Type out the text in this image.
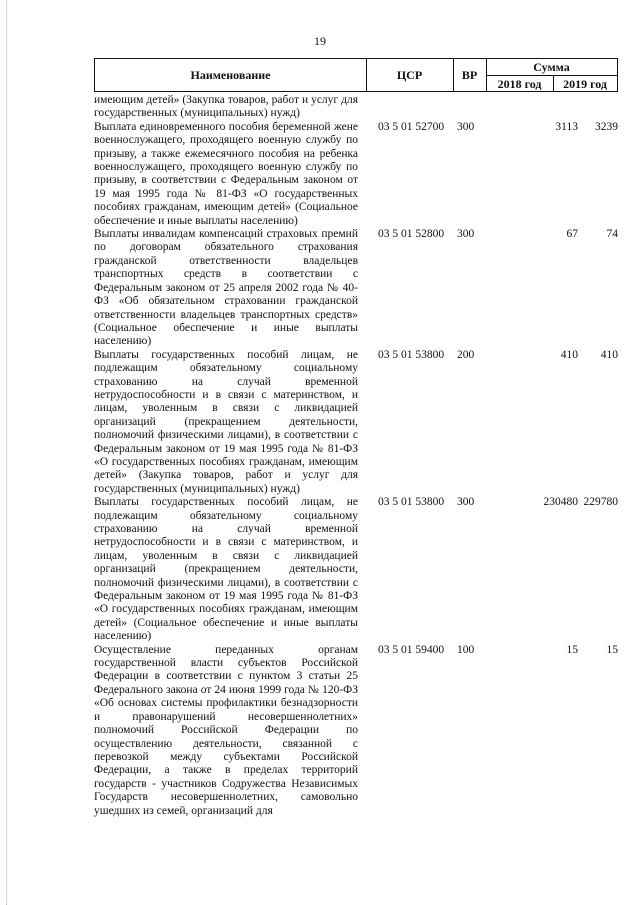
19
Наименование	ЦСР	ВР
Сумма
2018 год	2019 год
имеющим детей» (Закупка товаров, работ и услуг для государственных (муниципальных) нужд)
Выплата единовременного пособия беременной жене военнослужащего, проходящего военную службу по призыву, а также ежемесячного пособия на ребенка военнослужащего, проходящего военную службу по призыву, в соответствии с Федеральным законом от 19 мая 1995 года № 81-ФЗ «О государственных пособиях гражданам, имеющим детей» (Социальное обеспечение и иные выплаты населению)
03 5 01 52700 300	3113	3239
Выплаты инвалидам компенсаций страховых премий по договорам обязательного страхования гражданской ответственности владельцев транспортных средств в соответствии с Федеральным законом от 25 апреля 2002 года № 40-ФЗ «Об обязательном страховании гражданской ответственности владельцев транспортных средств» (Социальное обеспечение и иные выплаты населению)
03 5 01 52800 300	67	74
Выплаты государственных пособий лицам, не подлежащим обязательному социальному страхованию на случай временной нетрудоспособности и в связи с материнством, и лицам, уволенным в связи с ликвидацией организаций (прекращением деятельности, полномочий физическими лицами), в соответствии с Федеральным законом от 19 мая 1995 года № 81-ФЗ «О государственных пособиях гражданам, имеющим детей» (Закупка товаров, работ и услуг для государственных (муниципальных) нужд)
03 5 01 53800 200	410	410
Выплаты государственных пособий лицам, не подлежащим обязательному социальному страхованию на случай временной нетрудоспособности и в связи с материнством, и лицам, уволенным в связи с ликвидацией организаций (прекращением деятельности, полномочий физическими лицами), в соответствии с Федеральным законом от 19 мая 1995 года № 81-ФЗ «О государственных пособиях гражданам, имеющим детей» (Социальное обеспечение и иные выплаты населению)
03 5 01 53800 300	230480 229780
Осуществление переданных органам государственной власти субъектов Российской Федерации в соответствии с пунктом 3 статьи 25 Федерального закона от 24 июня 1999 года № 120-ФЗ «Об основах системы профилактики безнадзорности и правонарушений несовершеннолетних» полномочий Российской Федерации по осуществлению деятельности, связанной с перевозкой между субъектами Российской Федерации, а также в пределах территорий государств - участников Содружества Независимых Государств несовершеннолетних, самовольно ушедших из семей, организаций для
03 5 01 59400 100	15	15
